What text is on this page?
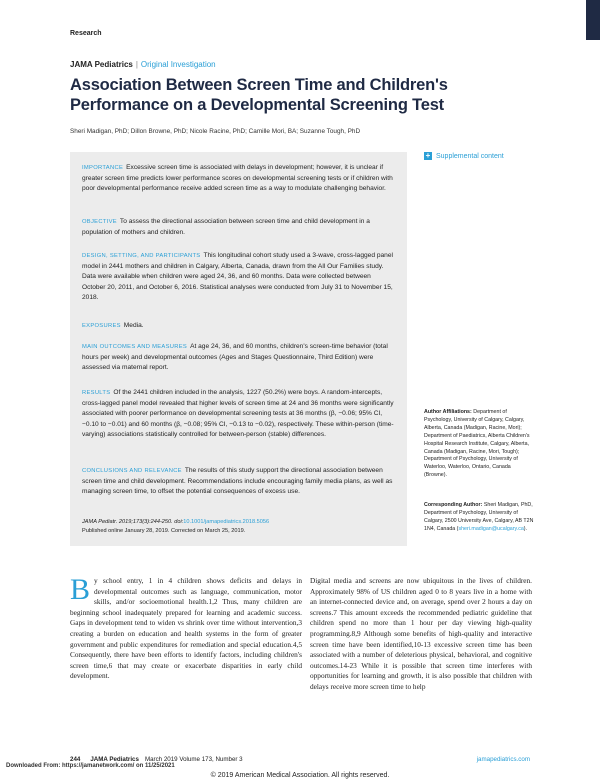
Research
JAMA Pediatrics | Original Investigation
Association Between Screen Time and Children's Performance on a Developmental Screening Test
Sheri Madigan, PhD; Dillon Browne, PhD; Nicole Racine, PhD; Camille Mori, BA; Suzanne Tough, PhD

IMPORTANCE Excessive screen time is associated with delays in development; however, it is unclear if greater screen time predicts lower performance scores on developmental screening tests or if children with poor developmental performance receive added screen time as a way to modulate challenging behavior.

OBJECTIVE To assess the directional association between screen time and child development in a population of mothers and children.

DESIGN, SETTING, AND PARTICIPANTS This longitudinal cohort study used a 3-wave, cross-lagged panel model in 2441 mothers and children in Calgary, Alberta, Canada, drawn from the All Our Families study. Data were available when children were aged 24, 36, and 60 months. Data were collected between October 20, 2011, and October 6, 2016. Statistical analyses were conducted from July 31 to November 15, 2018.

EXPOSURES Media.

MAIN OUTCOMES AND MEASURES At age 24, 36, and 60 months, children's screen-time behavior (total hours per week) and developmental outcomes (Ages and Stages Questionnaire, Third Edition) were assessed via maternal report.

RESULTS Of the 2441 children included in the analysis, 1227 (50.2%) were boys. A random-intercepts, cross-lagged panel model revealed that higher levels of screen time at 24 and 36 months were significantly associated with poorer performance on developmental screening tests at 36 months (β, −0.06; 95% CI, −0.10 to −0.01) and 60 months (β, −0.08; 95% CI, −0.13 to −0.02), respectively. These within-person (time-varying) associations statistically controlled for between-person (stable) differences.

CONCLUSIONS AND RELEVANCE The results of this study support the directional association between screen time and child development. Recommendations include encouraging family media plans, as well as managing screen time, to offset the potential consequences of excess use.

JAMA Pediatr. 2019;173(3):244-250. doi:10.1001/jamapediatrics.2018.5056

Published online January 28, 2019. Corrected on March 25, 2019.

+ Supplemental content

Author Affiliations: Department of Psychology, University of Calgary, Calgary, Alberta, Canada (Madigan, Racine, Mori); Department of Paediatrics, Alberta Children's Hospital Research Institute, Calgary, Alberta, Canada (Madigan, Racine, Mori, Tough); Department of Psychology, University of Waterloo, Waterloo, Ontario, Canada (Browne).

Corresponding Author: Sheri Madigan, PhD, Department of Psychology, University of Calgary, 2500 University Ave, Calgary, AB T2N 1N4, Canada (sheri.madigan@ucalgary.ca).

By school entry, 1 in 4 children shows deficits and delays in developmental outcomes such as language, communication, motor skills, and/or socioemotional health.1,2 Thus, many children are beginning school inadequately prepared for learning and academic success. Gaps in development tend to widen vs shrink over time without intervention,3 creating a burden on education and health systems in the form of greater government and public expenditures for remediation and special education.4,5 Consequently, there have been efforts to identify factors, including children's screen time,6 that may create or exacerbate disparities in early child development.

Digital media and screens are now ubiquitous in the lives of children. Approximately 98% of US children aged 0 to 8 years live in a home with an internet-connected device and, on average, spend over 2 hours a day on screens.7 This amount exceeds the recommended pediatric guideline that children spend no more than 1 hour per day viewing high-quality programming.8,9 Although some benefits of high-quality and interactive screen time have been identified,10-13 excessive screen time has been associated with a number of deleterious physical, behavioral, and cognitive outcomes.14-23 While it is possible that screen time interferes with opportunities for learning and growth, it is also possible that children with delays receive more screen time to help

244 JAMA Pediatrics March 2019 Volume 173, Number 3	jamapediatrics.com
Downloaded From: https://jamanetwork.com/ on 11/25/2021
© 2019 American Medical Association. All rights reserved.
